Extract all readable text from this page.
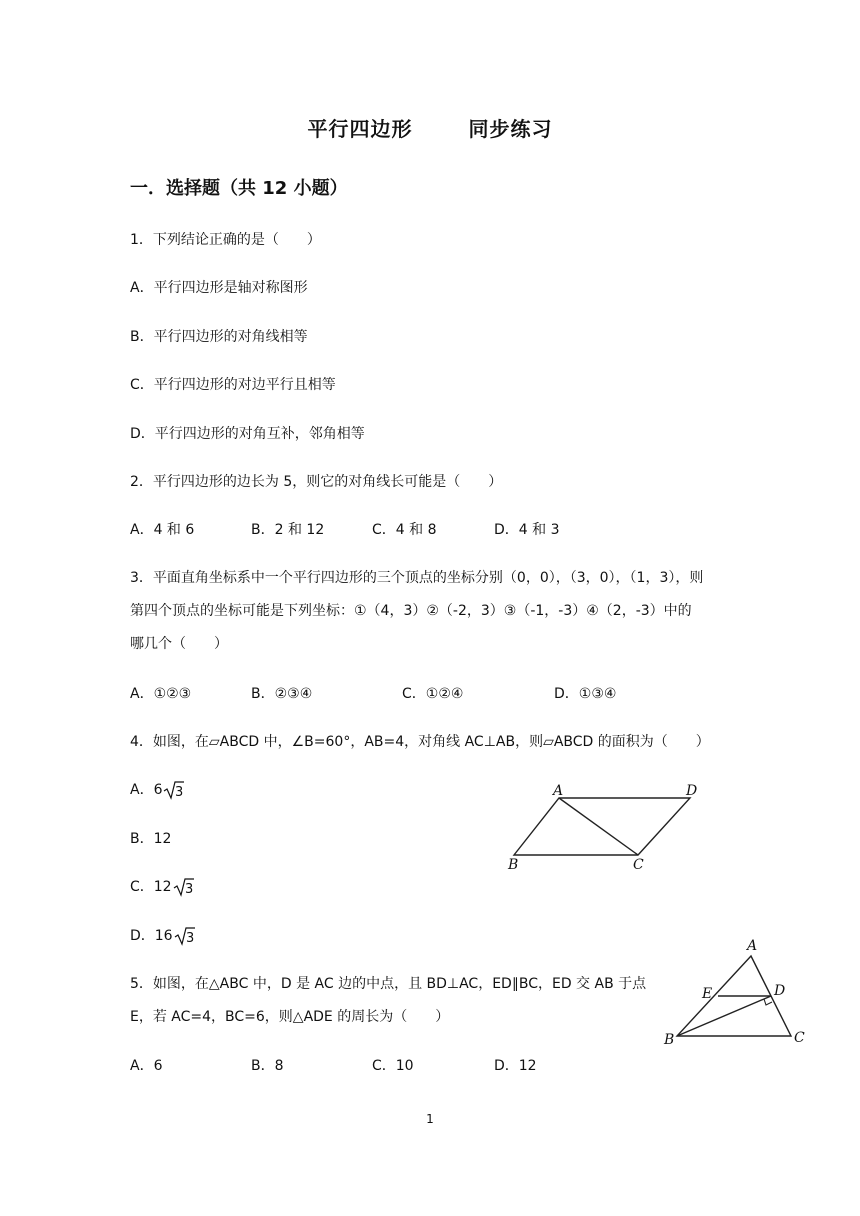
平行四边形	同步练习
一．选择题（共 12 小题）
1．下列结论正确的是（　　）
A．平行四边形是轴对称图形
B．平行四边形的对角线相等
C．平行四边形的对边平行且相等
D．平行四边形的对角互补，邻角相等
2．平行四边形的边长为 5，则它的对角线长可能是（　　）
A．4 和 6	B．2 和 12	C．4 和 8	D．4 和 3
3．平面直角坐标系中一个平行四边形的三个顶点的坐标分别（0，0），（3，0），（1，3），则
第四个顶点的坐标可能是下列坐标：①（4，3）②（-2，3）③（-1，-3）④（2，-3）中的
哪几个（　　）
A．①②③	B．②③④	C．①②④	D．①③④
4．如图，在▱ABCD 中，∠B=60°，AB=4，对角线 AC⊥AB，则▱ABCD 的面积为（　　）
A．6 3
B．12
C．12 3
D．16 3
A	D
B	C
5．如图，在△ABC 中，D 是 AC 边的中点，且 BD⊥AC，ED∥BC，ED 交 AB 于点
E，若 AC=4，BC=6，则△ADE 的周长为（　　）
A．6	B．8	C．10	D．12
A
E	D
B	C
1
